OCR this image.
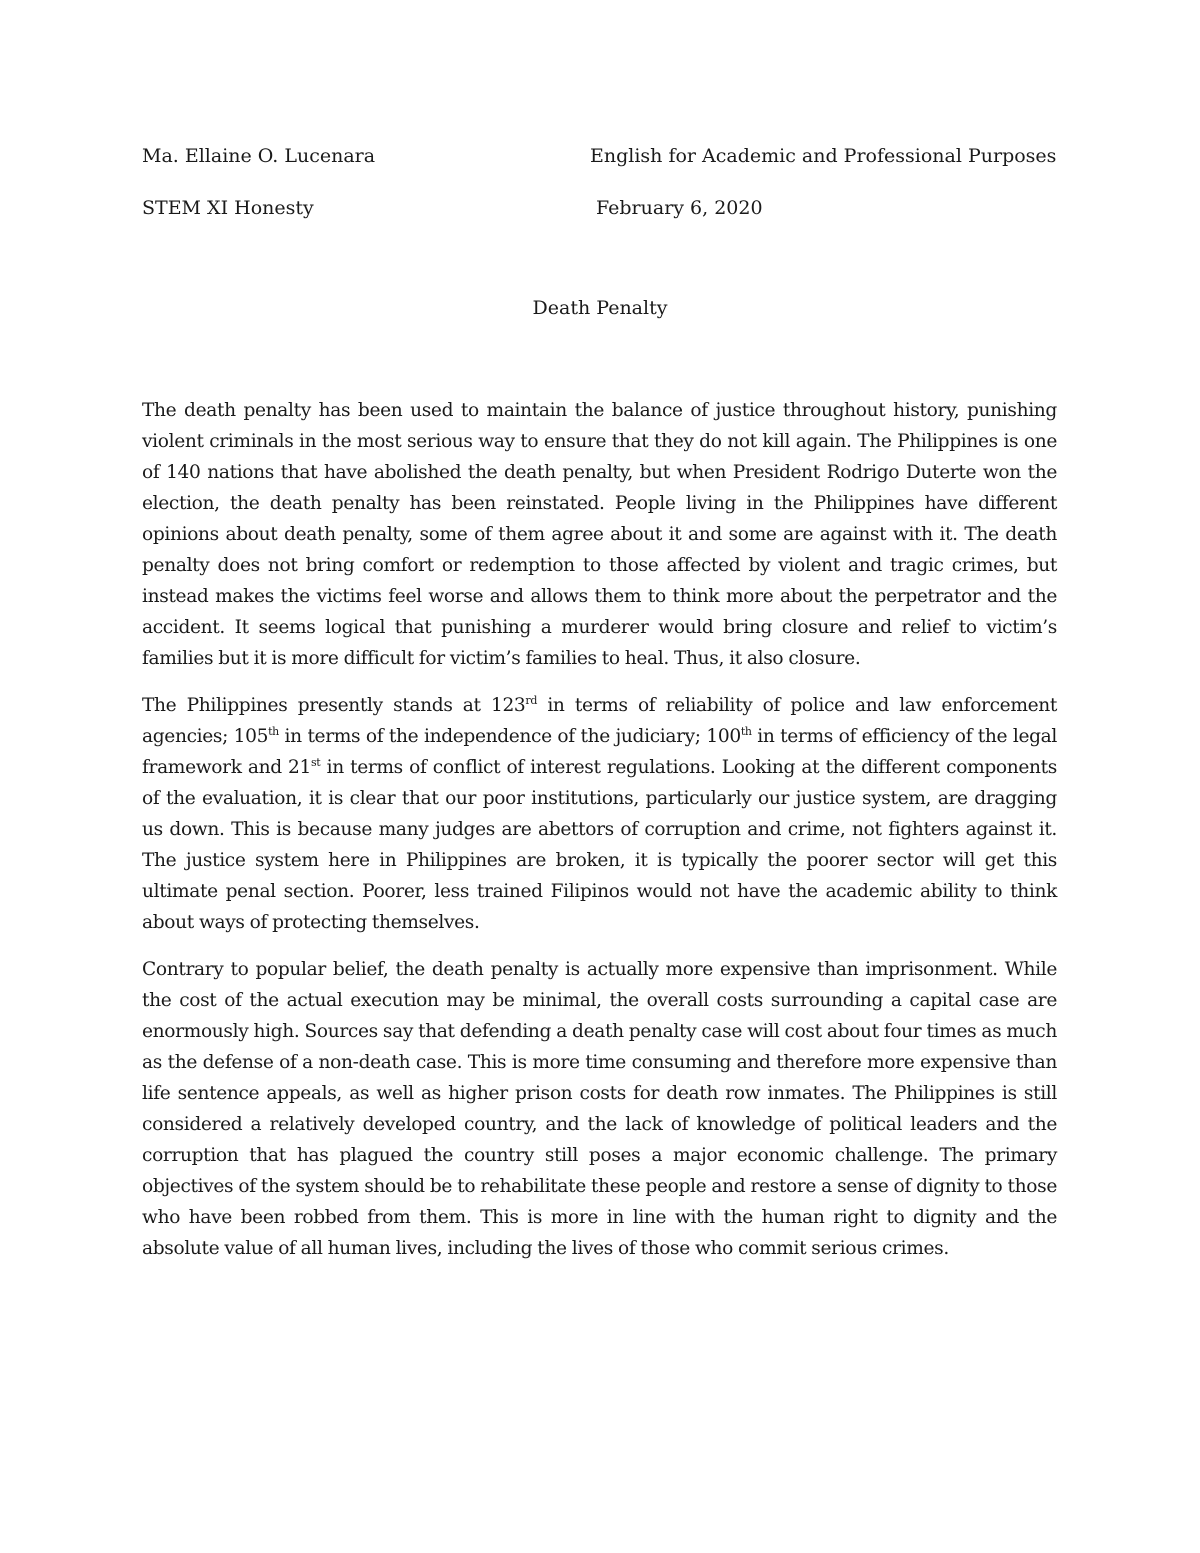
Ma. Ellaine O. Lucenara	English for Academic and Professional Purposes
STEM XI Honesty	February 6, 2020
Death Penalty

The death penalty has been used to maintain the balance of justice throughout history, punishing violent criminals in the most serious way to ensure that they do not kill again. The Philippines is one of 140 nations that have abolished the death penalty, but when President Rodrigo Duterte won the election, the death penalty has been reinstated. People living in the Philippines have different opinions about death penalty, some of them agree about it and some are against with it. The death penalty does not bring comfort or redemption to those affected by violent and tragic crimes, but instead makes the victims feel worse and allows them to think more about the perpetrator and the accident. It seems logical that punishing a murderer would bring closure and relief to victim’s families but it is more difficult for victim’s families to heal. Thus, it also closure.

The Philippines presently stands at 123rd in terms of reliability of police and law enforcement agencies; 105th in terms of the independence of the judiciary; 100th in terms of efficiency of the legal framework and 21st in terms of conflict of interest regulations. Looking at the different components of the evaluation, it is clear that our poor institutions, particularly our justice system, are dragging us down. This is because many judges are abettors of corruption and crime, not fighters against it. The justice system here in Philippines are broken, it is typically the poorer sector will get this ultimate penal section. Poorer, less trained Filipinos would not have the academic ability to think about ways of protecting themselves.

Contrary to popular belief, the death penalty is actually more expensive than imprisonment. While the cost of the actual execution may be minimal, the overall costs surrounding a capital case are enormously high. Sources say that defending a death penalty case will cost about four times as much as the defense of a non-death case. This is more time consuming and therefore more expensive than life sentence appeals, as well as higher prison costs for death row inmates. The Philippines is still considered a relatively developed country, and the lack of knowledge of political leaders and the corruption that has plagued the country still poses a major economic challenge. The primary objectives of the system should be to rehabilitate these people and restore a sense of dignity to those who have been robbed from them. This is more in line with the human right to dignity and the absolute value of all human lives, including the lives of those who commit serious crimes.
